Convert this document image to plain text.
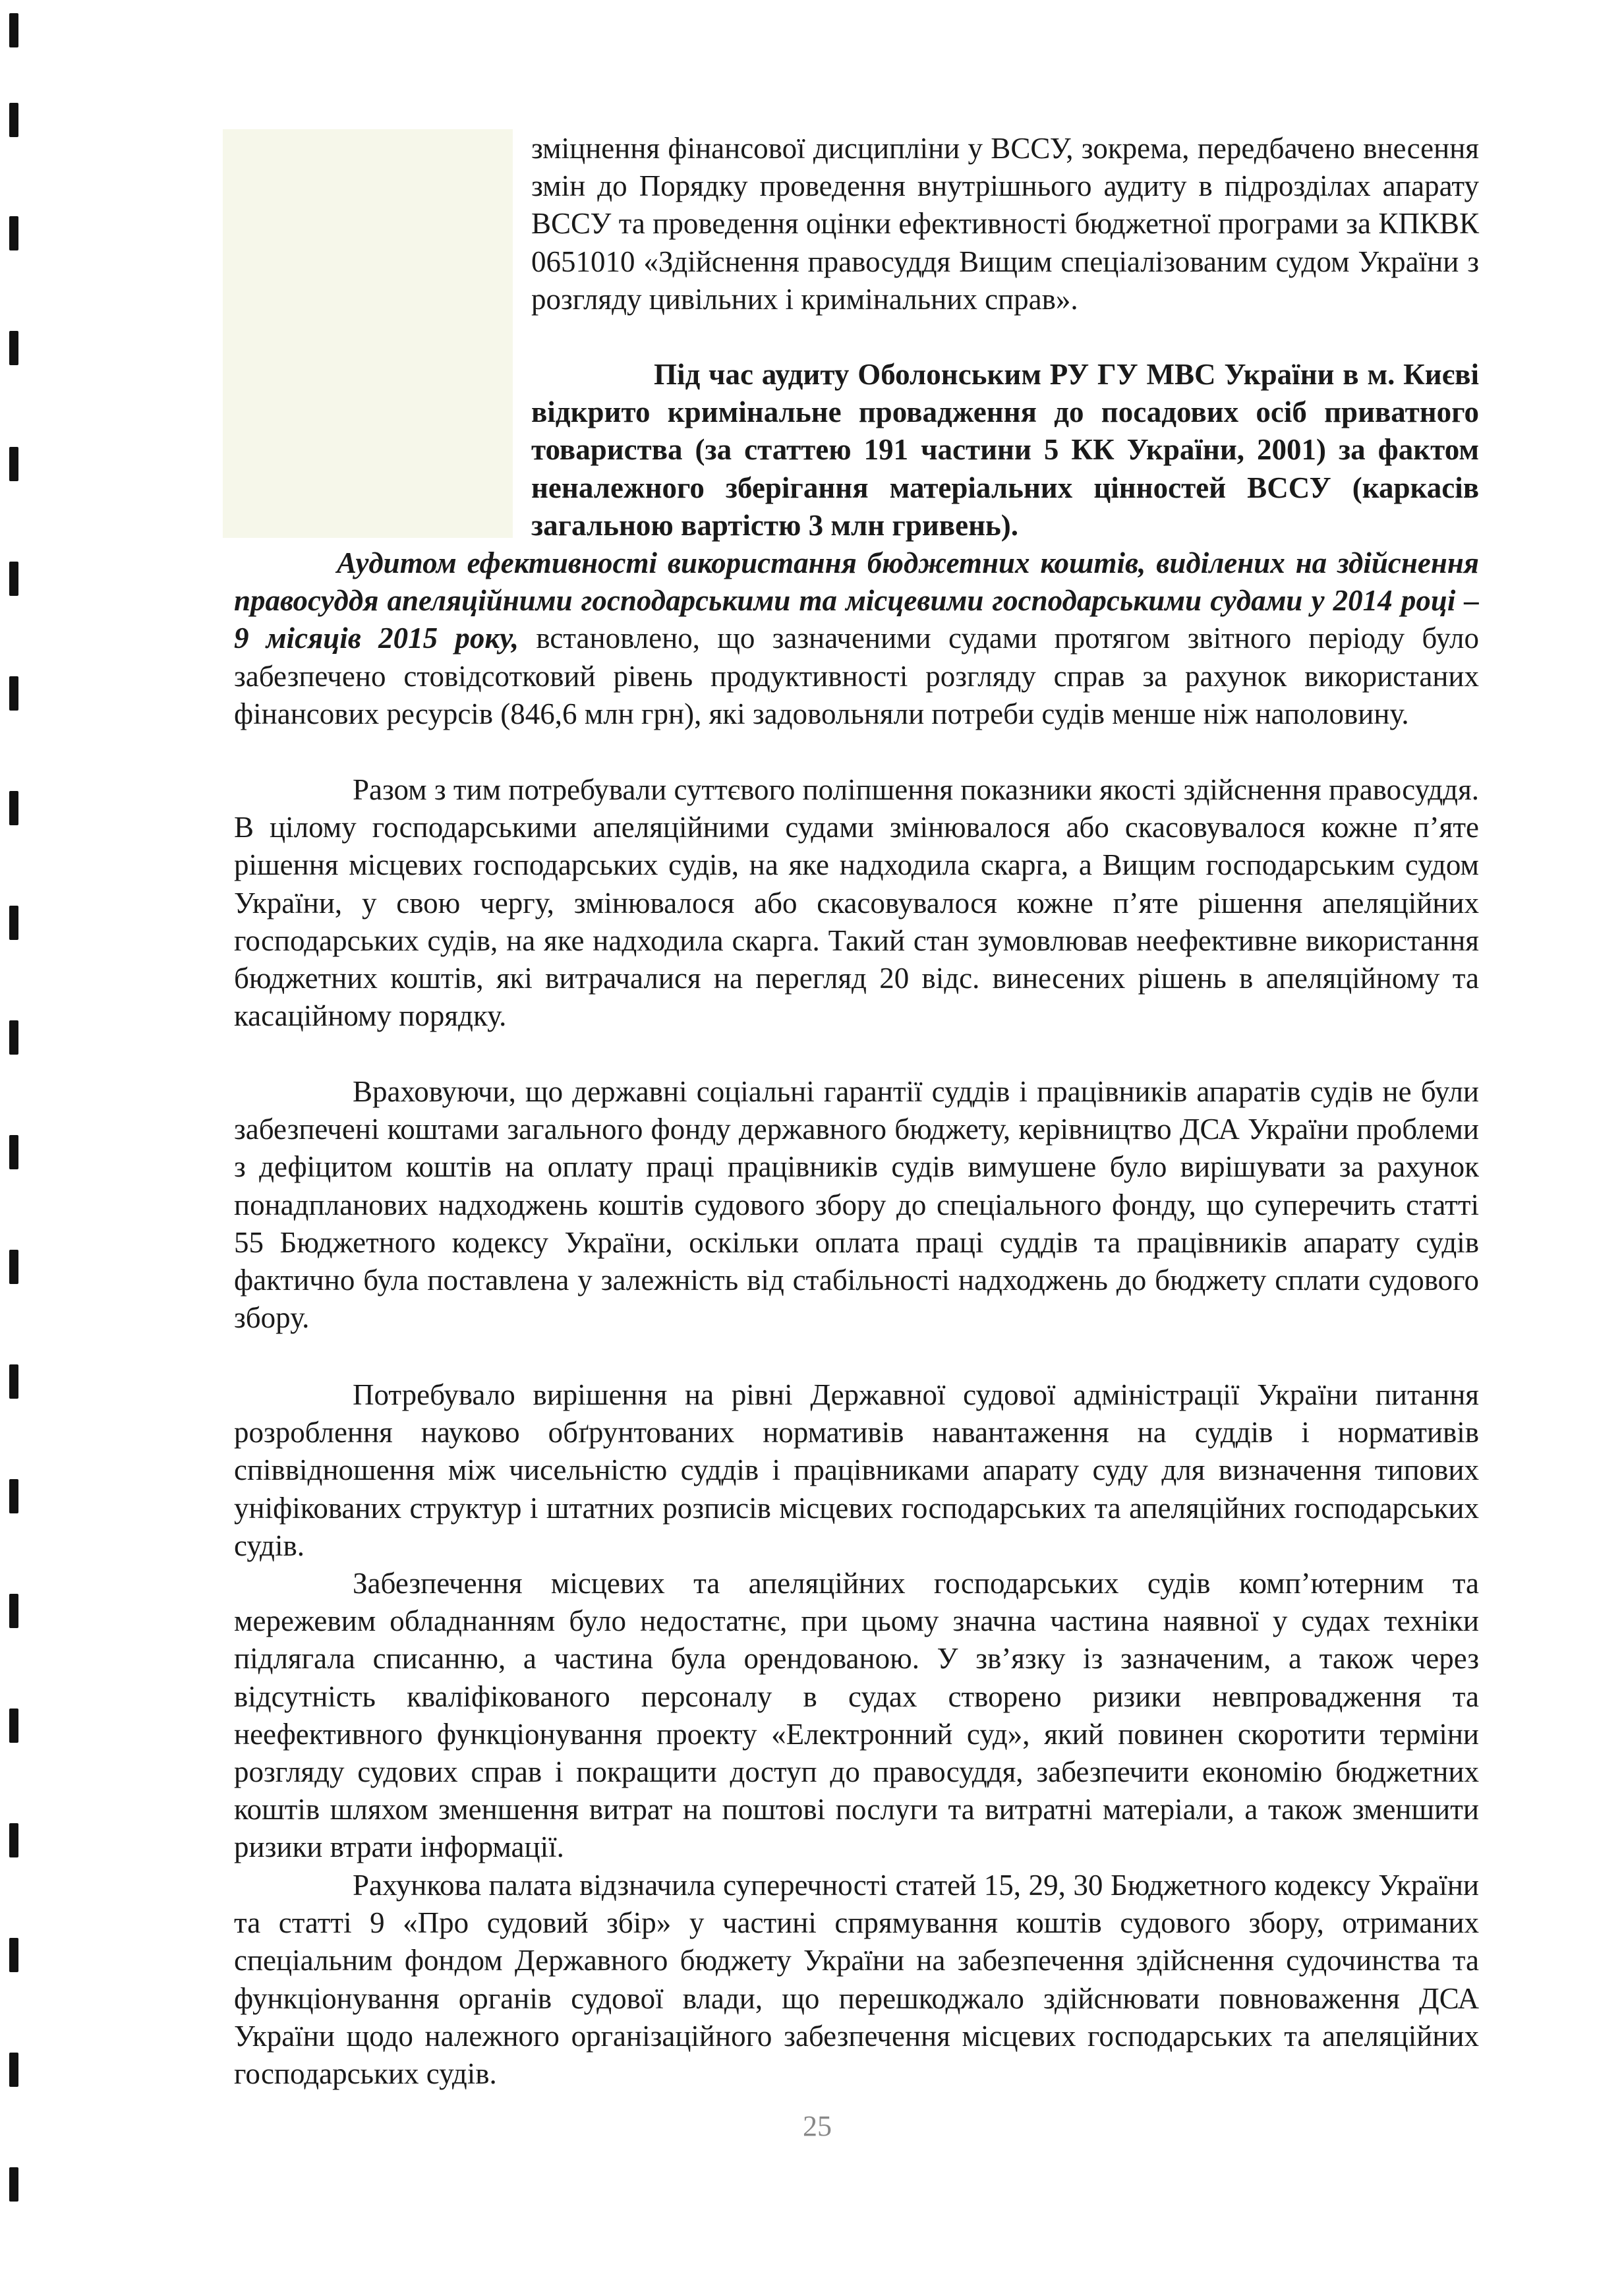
зміцнення фінансової дисципліни у ВССУ, зокрема, передбачено внесення змін до Порядку проведення внутрішнього аудиту в підрозділах апарату ВССУ та проведення оцінки ефективності бюджетної програми за КПКВК 0651010 «Здійснення правосуддя Вищим спеціалізованим судом України з розгляду цивільних і кримінальних справ».

Під час аудиту Оболонським РУ ГУ МВС України в м. Києві відкрито кримінальне провадження до посадових осіб приватного товариства (за статтею 191 частини 5 КК України, 2001) за фактом неналежного зберігання матеріальних цінностей ВССУ (каркасів загальною вартістю 3 млн гривень).

Аудитом ефективності використання бюджетних коштів, виділених на здійснення правосуддя апеляційними господарськими та місцевими господарськими судами у 2014 році – 9 місяців 2015 року, встановлено, що зазначеними судами протягом звітного періоду було забезпечено стовідсотковий рівень продуктивності розгляду справ за рахунок використаних фінансових ресурсів (846,6 млн грн), які задовольняли потреби судів менше ніж наполовину.

Разом з тим потребували суттєвого поліпшення показники якості здійснення правосуддя. В цілому господарськими апеляційними судами змінювалося або скасовувалося кожне п’яте рішення місцевих господарських судів, на яке надходила скарга, а Вищим господарським судом України, у свою чергу, змінювалося або скасовувалося кожне п’яте рішення апеляційних господарських судів, на яке надходила скарга. Такий стан зумовлював неефективне використання бюджетних коштів, які витрачалися на перегляд 20 відс. винесених рішень в апеляційному та касаційному порядку.

Враховуючи, що державні соціальні гарантії суддів і працівників апаратів судів не були забезпечені коштами загального фонду державного бюджету, керівництво ДСА України проблеми з дефіцитом коштів на оплату праці працівників судів вимушене було вирішувати за рахунок понадпланових надходжень коштів судового збору до спеціального фонду, що суперечить статті 55 Бюджетного кодексу України, оскільки оплата праці суддів та працівників апарату судів фактично була поставлена у залежність від стабільності надходжень до бюджету сплати судового збору.

Потребувало вирішення на рівні Державної судової адміністрації України питання розроблення науково обґрунтованих нормативів навантаження на суддів і нормативів співвідношення між чисельністю суддів і працівниками апарату суду для визначення типових уніфікованих структур і штатних розписів місцевих господарських та апеляційних господарських судів.

Забезпечення місцевих та апеляційних господарських судів комп’ютерним та мережевим обладнанням було недостатнє, при цьому значна частина наявної у судах техніки підлягала списанню, а частина була орендованою. У зв’язку із зазначеним, а також через відсутність кваліфікованого персоналу в судах створено ризики невпровадження та неефективного функціонування проекту «Електронний суд», який повинен скоротити терміни розгляду судових справ і покращити доступ до правосуддя, забезпечити економію бюджетних коштів шляхом зменшення витрат на поштові послуги та витратні матеріали, а також зменшити ризики втрати інформації.

Рахункова палата відзначила суперечності статей 15, 29, 30 Бюджетного кодексу України та статті 9 «Про судовий збір» у частині спрямування коштів судового збору, отриманих спеціальним фондом Державного бюджету України на забезпечення здійснення судочинства та функціонування органів судової влади, що перешкоджало здійснювати повноваження ДСА України щодо належного організаційного забезпечення місцевих господарських та апеляційних господарських судів.

25
